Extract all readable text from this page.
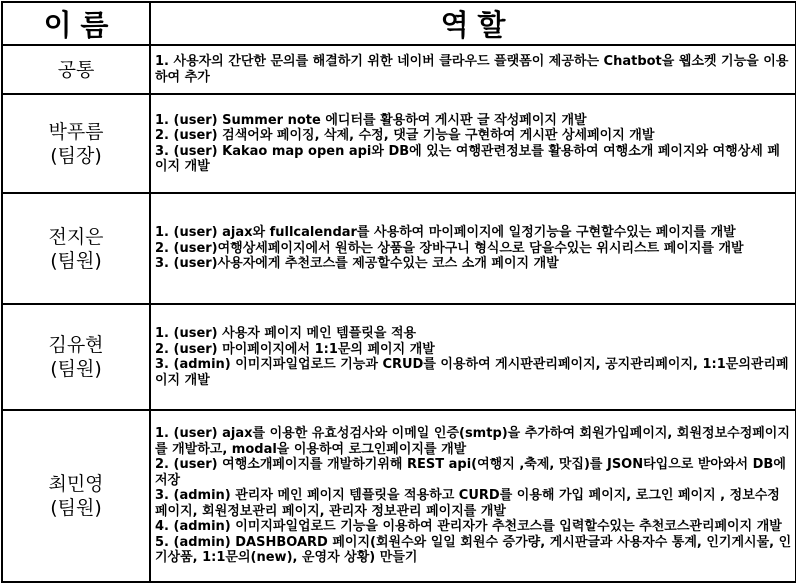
이름	역할

공통	1. 사용자의 간단한 문의를 해결하기 위한 네이버 클라우드 플랫폼이 제공하는 Chatbot을 웹소켓 기능을 이용하여 추가

박푸름
(팀장)

1. (user) Summer note 에디터를 활용하여 게시판 글 작성페이지 개발
2. (user) 검색어와 페이징, 삭제, 수정, 댓글 기능을 구현하여 게시판 상세페이지 개발
3. (user) Kakao map open api와 DB에 있는 여행관련정보를 활용하여 여행소개 페이지와 여행상세 페이지 개발

전지은
(팀원)

1. (user) ajax와 fullcalendar를 사용하여 마이페이지에 일정기능을 구현할수있는 페이지를 개발
2. (user)여행상세페이지에서 원하는 상품을 장바구니 형식으로 담을수있는 위시리스트 페이지를 개발
3. (user)사용자에게 추천코스를 제공할수있는 코스 소개 페이지 개발

김유현
(팀원)

1. (user) 사용자 페이지 메인 템플릿을 적용
2. (user) 마이페이지에서 1:1문의 페이지 개발
3. (admin) 이미지파일업로드 기능과 CRUD를 이용하여 게시판관리페이지, 공지관리페이지, 1:1문의관리페이지 개발

최민영
(팀원)

1. (user) ajax를 이용한 유효성검사와 이메일 인증(smtp)을 추가하여 회원가입페이지, 회원정보수정페이지를 개발하고, modal을 이용하여 로그인페이지를 개발
2. (user) 여행소개페이지를 개발하기위해 REST api(여행지 ,축제, 맛집)를 JSON타입으로 받아와서 DB에 저장
3. (admin) 관리자 메인 페이지 템플릿을 적용하고 CURD를 이용해 가입 페이지, 로그인 페이지 , 정보수정 페이지, 회원정보관리 페이지, 관리자 정보관리 페이지를 개발
4. (admin) 이미지파일업로드 기능을 이용하여 관리자가 추천코스를 입력할수있는 추천코스관리페이지 개발
5. (admin) DASHBOARD 페이지(회원수와 일일 회원수 증가량, 게시판글과 사용자수 통계, 인기게시물, 인기상품, 1:1문의(new), 운영자 상황) 만들기
